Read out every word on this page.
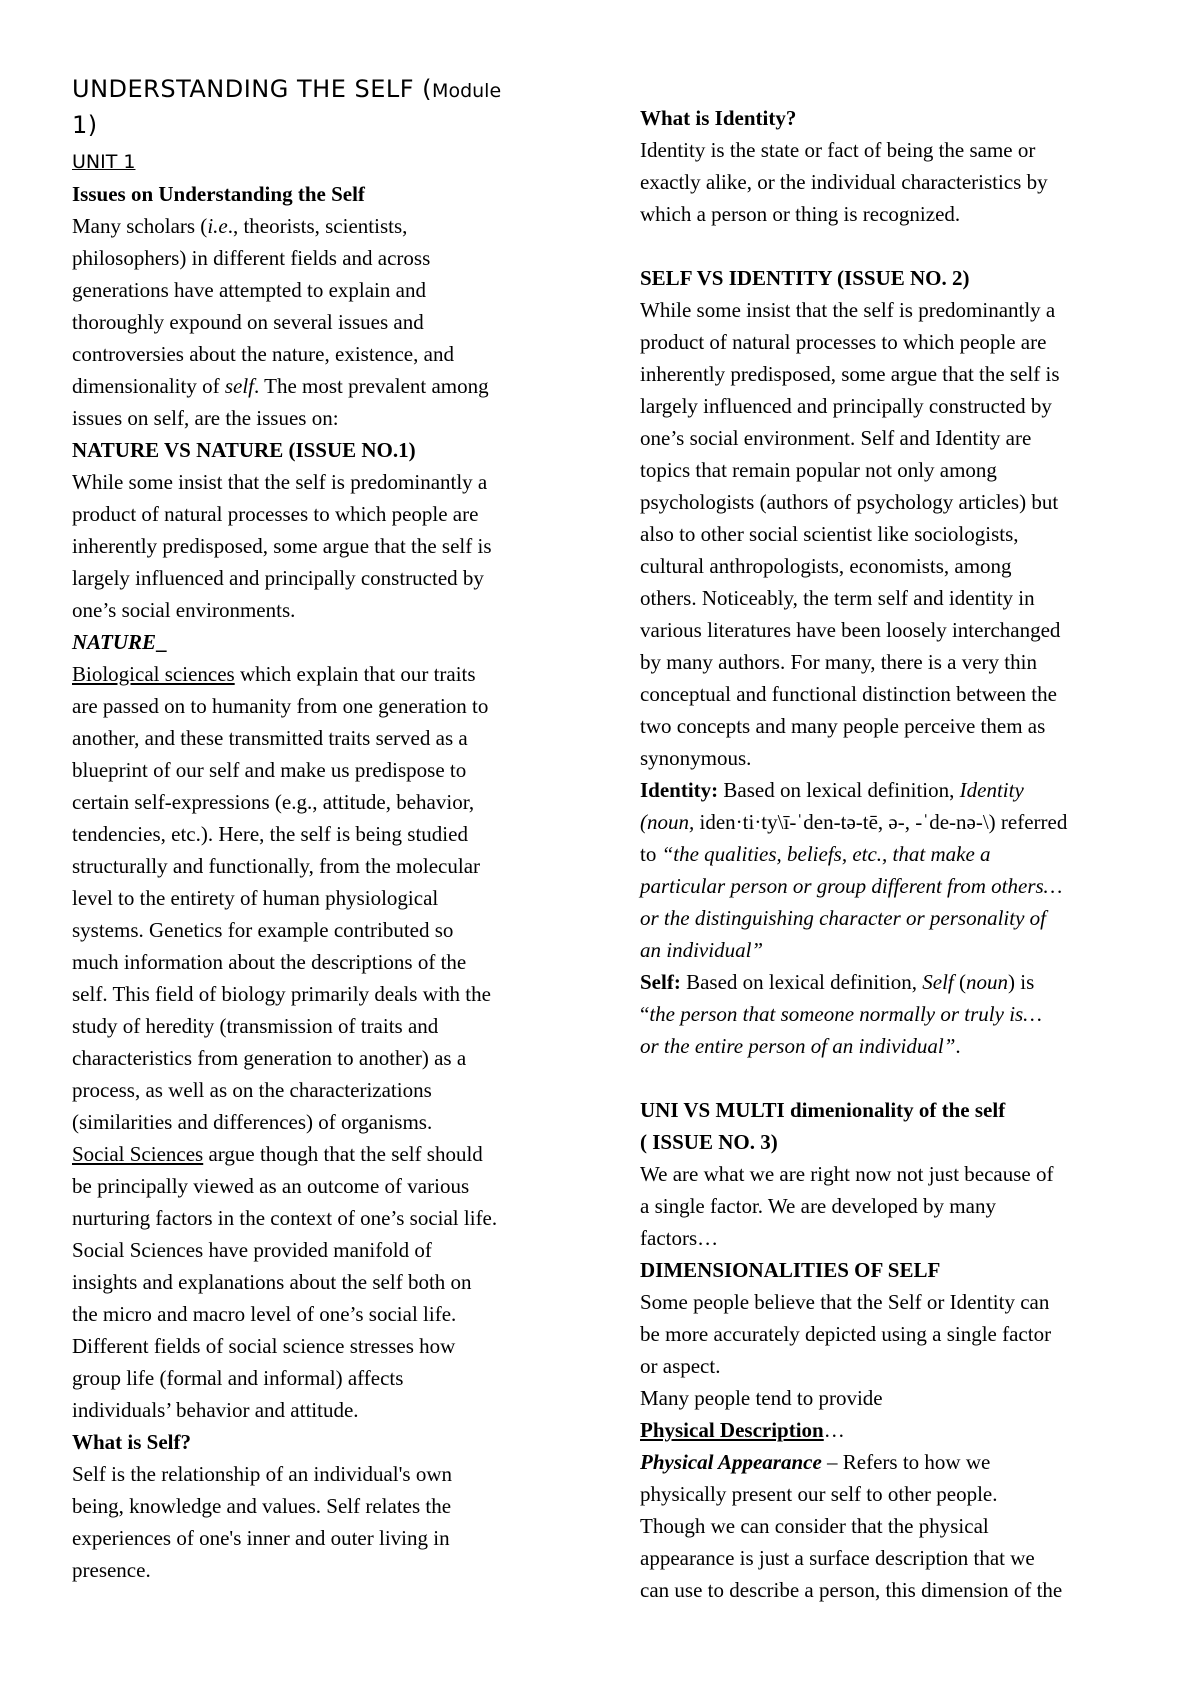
UNDERSTANDING THE SELF (Module
1)
UNIT 1
Issues on Understanding the Self
Many scholars (i.e., theorists, scientists,
philosophers) in different fields and across
generations have attempted to explain and
thoroughly expound on several issues and
controversies about the nature, existence, and
dimensionality of self. The most prevalent among
issues on self, are the issues on:
NATURE VS NATURE (ISSUE NO.1)
While some insist that the self is predominantly a
product of natural processes to which people are
inherently predisposed, some argue that the self is
largely influenced and principally constructed by
one’s social environments.
NATURE_
Biological sciences which explain that our traits
are passed on to humanity from one generation to
another, and these transmitted traits served as a
blueprint of our self and make us predispose to
certain self-expressions (e.g., attitude, behavior,
tendencies, etc.). Here, the self is being studied
structurally and functionally, from the molecular
level to the entirety of human physiological
systems. Genetics for example contributed so
much information about the descriptions of the
self. This field of biology primarily deals with the
study of heredity (transmission of traits and
characteristics from generation to another) as a
process, as well as on the characterizations
(similarities and differences) of organisms.
Social Sciences argue though that the self should
be principally viewed as an outcome of various
nurturing factors in the context of one’s social life.
Social Sciences have provided manifold of
insights and explanations about the self both on
the micro and macro level of one’s social life.
Different fields of social science stresses how
group life (formal and informal) affects
individuals’ behavior and attitude.
What is Self?
Self is the relationship of an individual's own
being, knowledge and values. Self relates the
experiences of one's inner and outer living in
presence.
What is Identity?
Identity is the state or fact of being the same or
exactly alike, or the individual characteristics by
which a person or thing is recognized.
SELF VS IDENTITY (ISSUE NO. 2)
While some insist that the self is predominantly a
product of natural processes to which people are
inherently predisposed, some argue that the self is
largely influenced and principally constructed by
one’s social environment. Self and Identity are
topics that remain popular not only among
psychologists (authors of psychology articles) but
also to other social scientist like sociologists,
cultural anthropologists, economists, among
others. Noticeably, the term self and identity in
various literatures have been loosely interchanged
by many authors. For many, there is a very thin
conceptual and functional distinction between the
two concepts and many people perceive them as
synonymous.
Identity: Based on lexical definition, Identity
(noun, iden·ti·ty\ī-ˈden-tə-tē, ə-, -ˈde-nə-\) referred
to “the qualities, beliefs, etc., that make a
particular person or group different from others…
or the distinguishing character or personality of
an individual”
Self: Based on lexical definition, Self (noun) is
“the person that someone normally or truly is…
or the entire person of an individual”.
UNI VS MULTI dimenionality of the self
( ISSUE NO. 3)
We are what we are right now not just because of
a single factor. We are developed by many
factors…
DIMENSIONALITIES OF SELF
Some people believe that the Self or Identity can
be more accurately depicted using a single factor
or aspect.
Many people tend to provide
Physical Description…
Physical Appearance – Refers to how we
physically present our self to other people.
Though we can consider that the physical
appearance is just a surface description that we
can use to describe a person, this dimension of the
